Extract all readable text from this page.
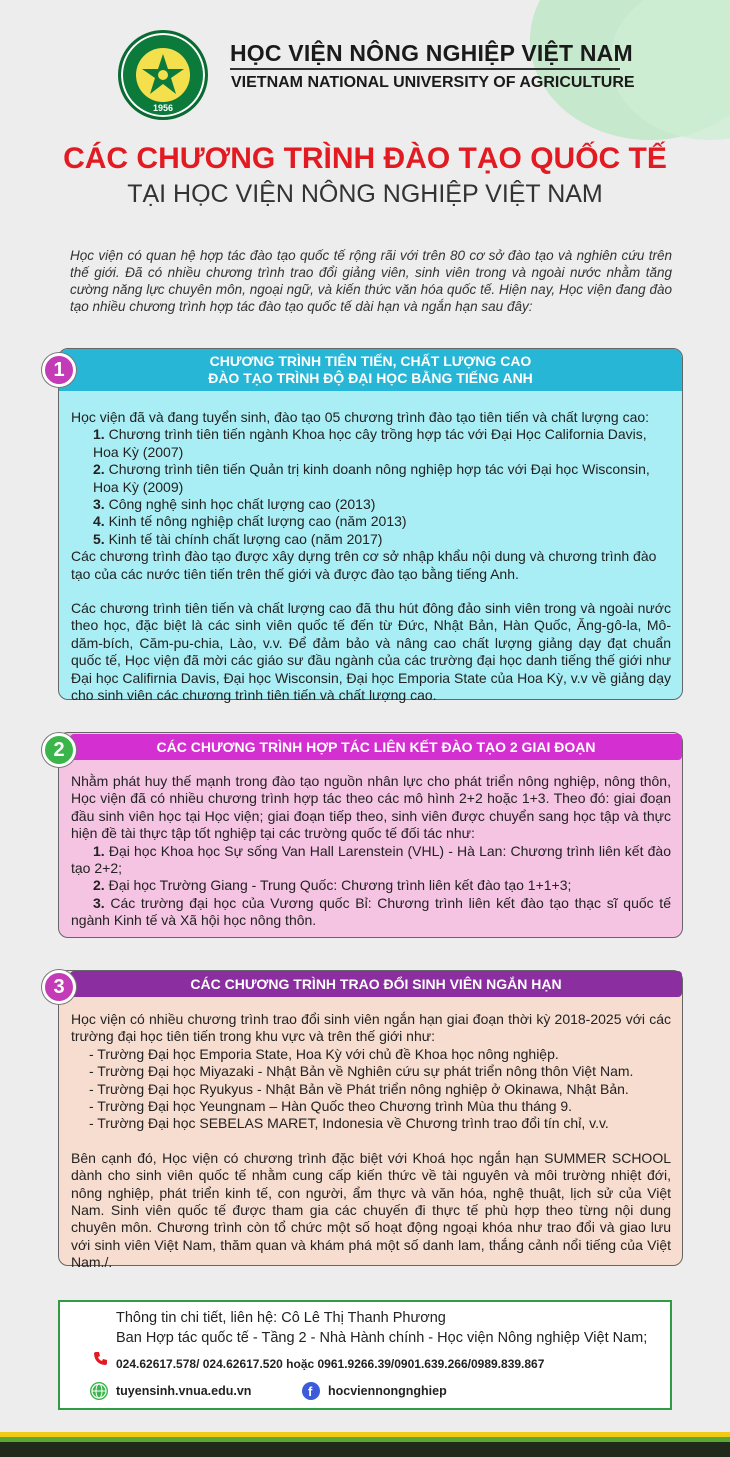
1956
HỌC VIỆN NÔNG NGHIỆP VIỆT NAM
VIETNAM NATIONAL UNIVERSITY OF AGRICULTURE
CÁC CHƯƠNG TRÌNH ĐÀO TẠO QUỐC TẾ
TẠI HỌC VIỆN NÔNG NGHIỆP VIỆT NAM
Học viện có quan hệ hợp tác đào tạo quốc tế rộng rãi với trên 80 cơ sở đào tạo và nghiên cứu trên thế giới. Đã có nhiều chương trình trao đổi giảng viên, sinh viên trong và ngoài nước nhằm tăng cường năng lực chuyên môn, ngoại ngữ, và kiến thức văn hóa quốc tế. Hiện nay, Học viện đang đào tạo nhiều chương trình hợp tác đào tạo quốc tế dài hạn và ngắn hạn sau đây:
CHƯƠNG TRÌNH TIÊN TIẾN, CHẤT LƯỢNG CAO
ĐÀO TẠO TRÌNH ĐỘ ĐẠI HỌC BẰNG TIẾNG ANH

Học viện đã và đang tuyển sinh, đào tạo 05 chương trình đào tạo tiên tiến và chất lượng cao:

1. Chương trình tiên tiến ngành Khoa học cây trồng hợp tác với Đại Học California Davis, Hoa Kỳ (2007)

2. Chương trình tiên tiến Quản trị kinh doanh nông nghiệp hợp tác với Đại học Wisconsin, Hoa Kỳ (2009)

3. Công nghệ sinh học chất lượng cao (2013)

4. Kinh tế nông nghiệp chất lượng cao (năm 2013)

5. Kinh tế tài chính chất lượng cao (năm 2017)

Các chương trình đào tạo được xây dựng trên cơ sở nhập khẩu nội dung và chương trình đào tạo của các nước tiên tiến trên thế giới và được đào tạo bằng tiếng Anh.

Các chương trình tiên tiến và chất lượng cao đã thu hút đông đảo sinh viên trong và ngoài nước theo học, đặc biệt là các sinh viên quốc tế đến từ Đức, Nhật Bản, Hàn Quốc, Ăng-gô-la, Mô-dăm-bích, Căm-pu-chia, Lào, v.v. Để đảm bảo và nâng cao chất lượng giảng dạy đạt chuẩn quốc tế, Học viện đã mời các giáo sư đầu ngành của các trường đại học danh tiếng thế giới như Đại học Califirnia Davis, Đại học Wisconsin, Đại học Emporia State của Hoa Kỳ, v.v về giảng dạy cho sinh viên các chương trình tiên tiến và chất lượng cao.

1

Nhằm phát huy thế mạnh trong đào tạo nguồn nhân lực cho phát triển nông nghiệp, nông thôn, Học viện đã có nhiều chương trình hợp tác theo các mô hình 2+2 hoặc 1+3. Theo đó: giai đoạn đầu sinh viên học tại Học viện; giai đoạn tiếp theo, sinh viên được chuyển sang học tập và thực hiện đề tài thực tập tốt nghiệp tại các trường quốc tế đối tác như:

1. Đại học Khoa học Sự sống Van Hall Larenstein (VHL) - Hà Lan: Chương trình liên kết đào tạo 2+2;

2. Đại học Trường Giang - Trung Quốc: Chương trình liên kết đào tạo 1+1+3;

3. Các trường đại học của Vương quốc Bỉ: Chương trình liên kết đào tạo thạc sĩ quốc tế ngành Kinh tế và Xã hội học nông thôn.

CÁC CHƯƠNG TRÌNH HỢP TÁC LIÊN KẾT ĐÀO TẠO 2 GIAI ĐOẠN
2

Học viện có nhiều chương trình trao đổi sinh viên ngắn hạn giai đoạn thời kỳ 2018-2025 với các trường đại học tiên tiến trong khu vực và trên thế giới như:

- Trường Đại học Emporia State, Hoa Kỳ với chủ đề Khoa học nông nghiệp.

- Trường Đại học Miyazaki - Nhật Bản về Nghiên cứu sự phát triển nông thôn Việt Nam.

- Trường Đại học Ryukyus - Nhật Bản về Phát triển nông nghiệp ở Okinawa, Nhật Bản.

- Trường Đại học Yeungnam – Hàn Quốc theo Chương trình Mùa thu tháng 9.

- Trường Đại học SEBELAS MARET, Indonesia về Chương trình trao đổi tín chỉ, v.v.

Bên cạnh đó, Học viện có chương trình đặc biệt với Khoá học ngắn hạn SUMMER SCHOOL dành cho sinh viên quốc tế nhằm cung cấp kiến thức về tài nguyên và môi trường nhiệt đới, nông nghiệp, phát triển kinh tế, con người, ẩm thực và văn hóa, nghệ thuật, lịch sử của Việt Nam. Sinh viên quốc tế được tham gia các chuyến đi thực tế phù hợp theo từng nội dung chuyên môn. Chương trình còn tổ chức một số hoạt động ngoại khóa như trao đổi và giao lưu với sinh viên Việt Nam, thăm quan và khám phá một số danh lam, thắng cảnh nổi tiếng của Việt Nam./.

CÁC CHƯƠNG TRÌNH TRAO ĐỔI SINH VIÊN NGẮN HẠN
3
Thông tin chi tiết, liên hệ: Cô Lê Thị Thanh Phương
Ban Hợp tác quốc tế - Tầng 2 - Nhà Hành chính - Học viện Nông nghiệp Việt Nam;
024.62617.578/ 024.62617.520 hoặc 0961.9266.39/0901.639.266/0989.839.867
tuyensinh.vnua.edu.vn	f hocviennongnghiep
